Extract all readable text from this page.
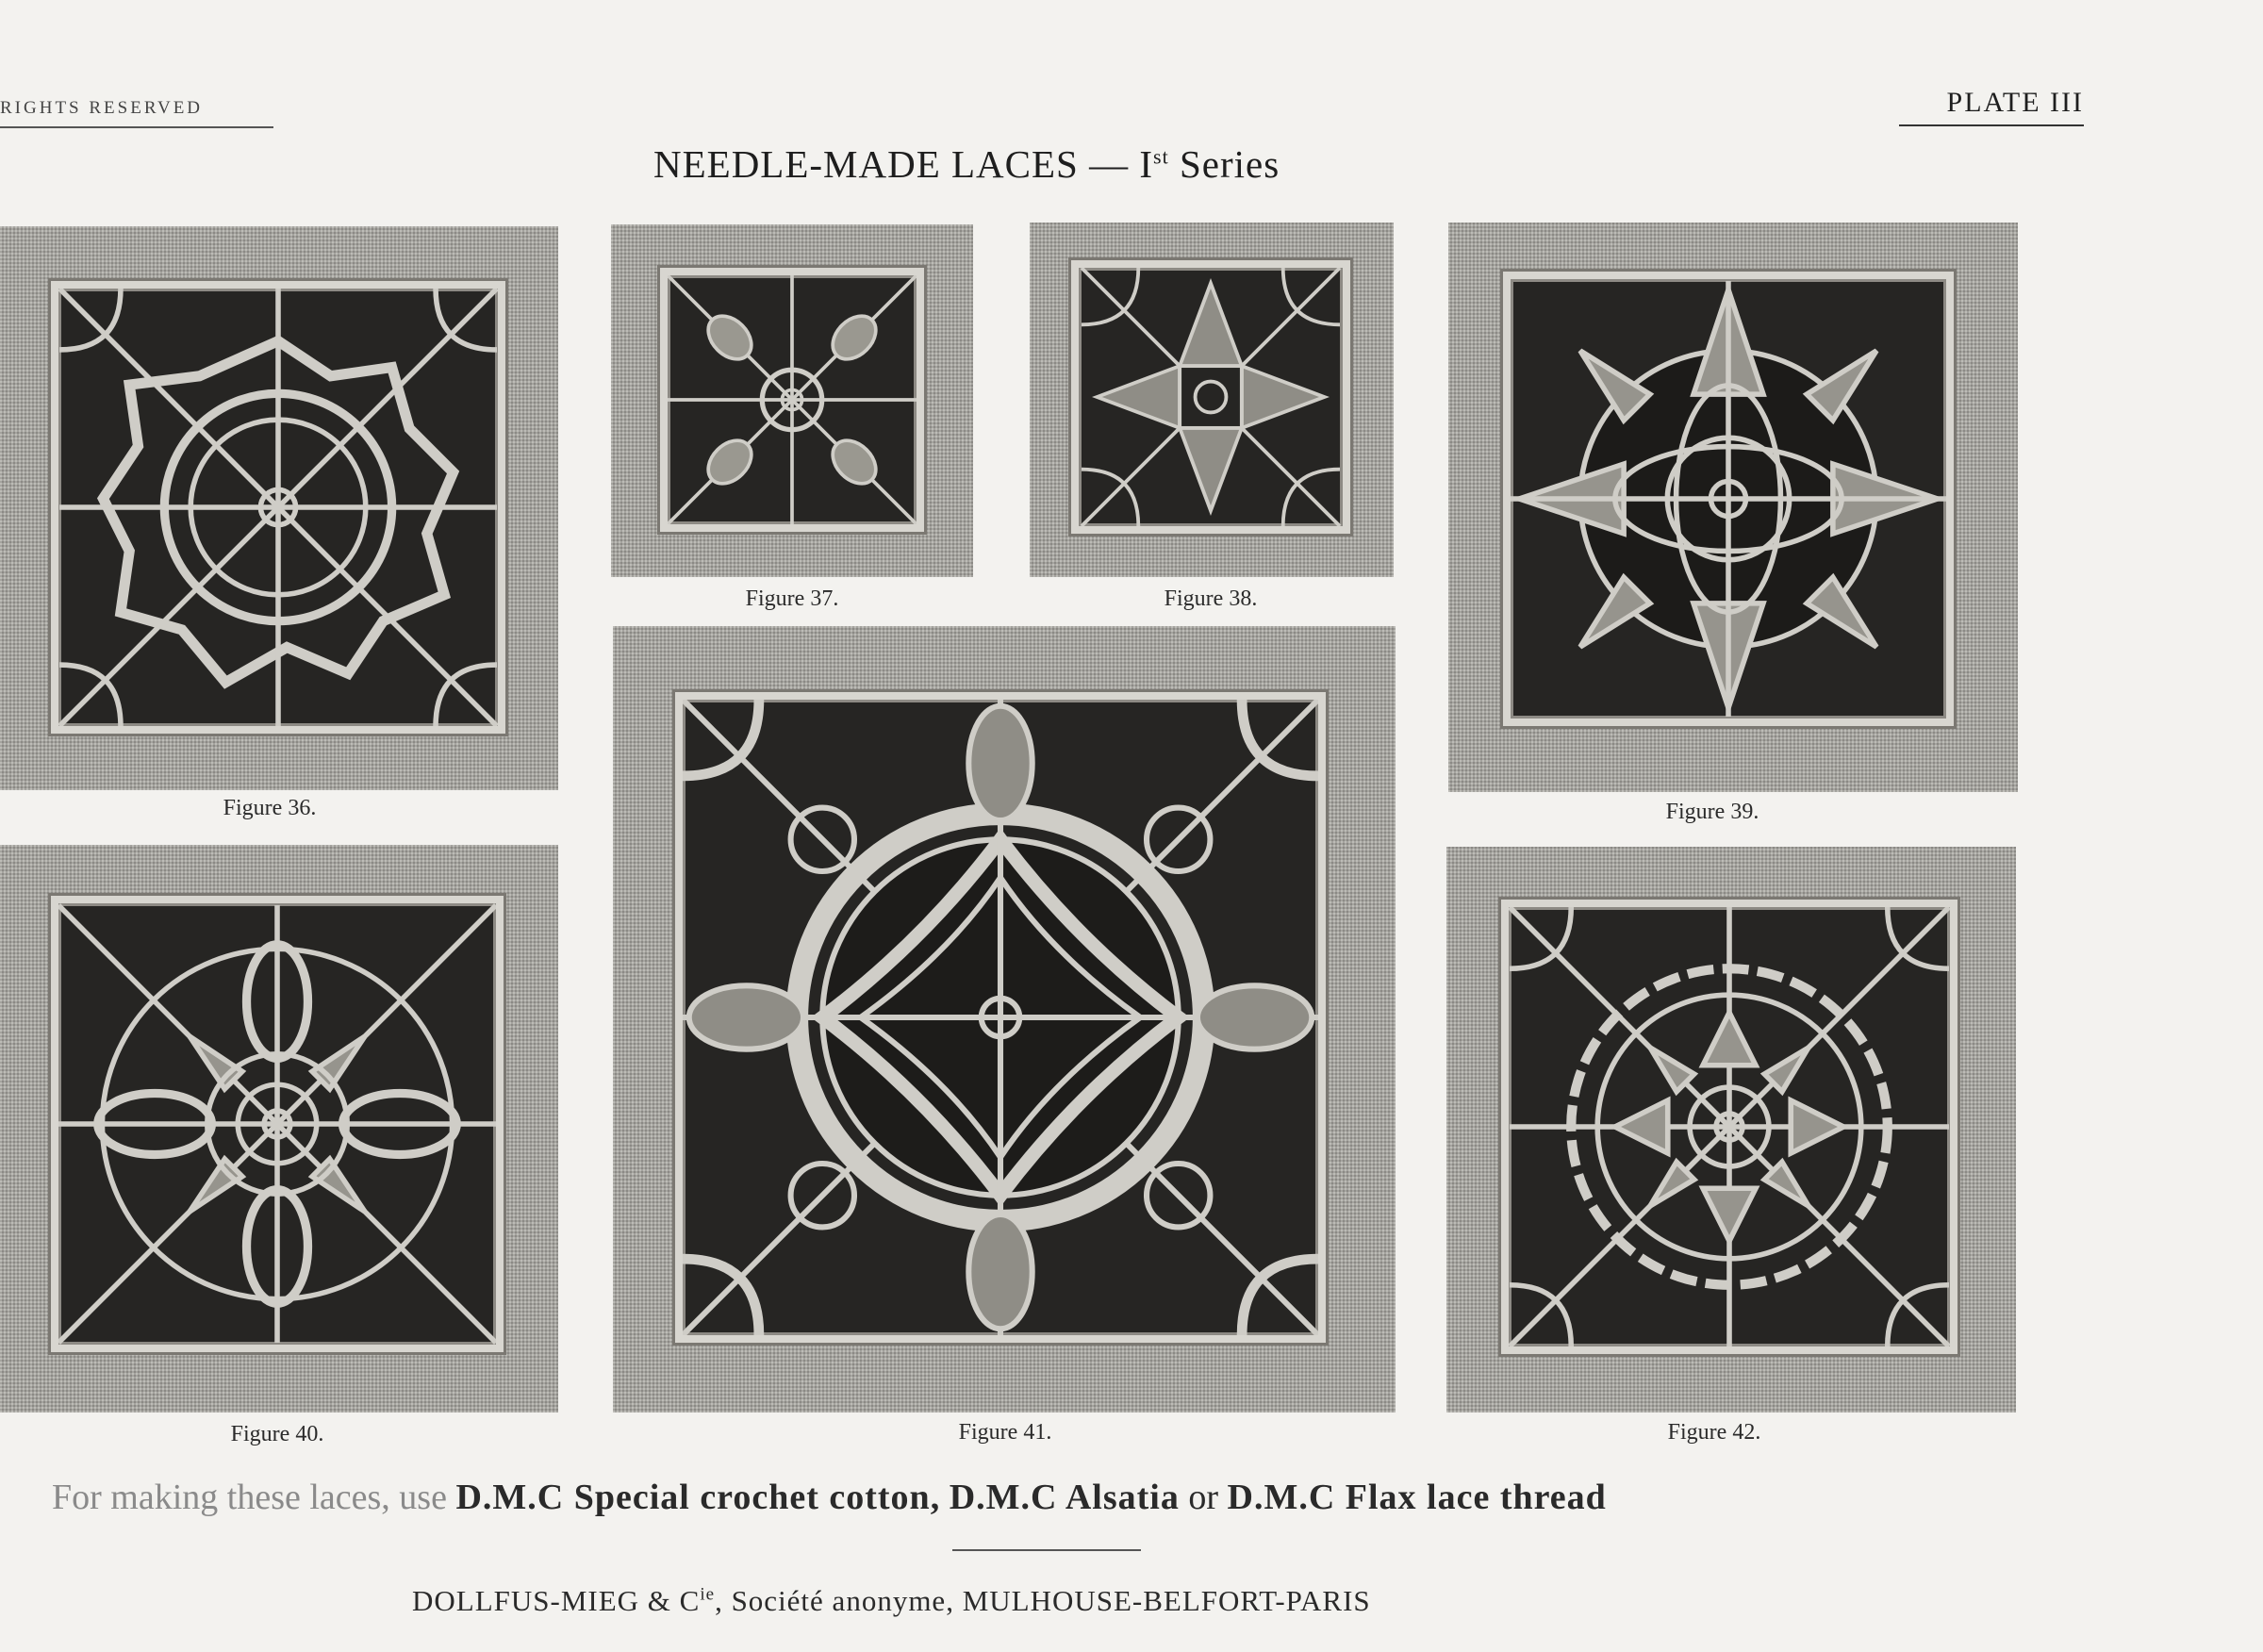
RIGHTS RESERVED	PLATE III
NEEDLE-MADE LACES — Ist Series
Figure 36.
Figure 37.	Figure 38.
Figure 39.
Figure 40.	Figure 41.	Figure 42.
For making these laces, use D.M.C Special crochet cotton, D.M.C Alsatia or D.M.C Flax lace thread
DOLLFUS-MIEG & $C^{ie}$, Société anonyme, MULHOUSE-BELFORT-PARIS
